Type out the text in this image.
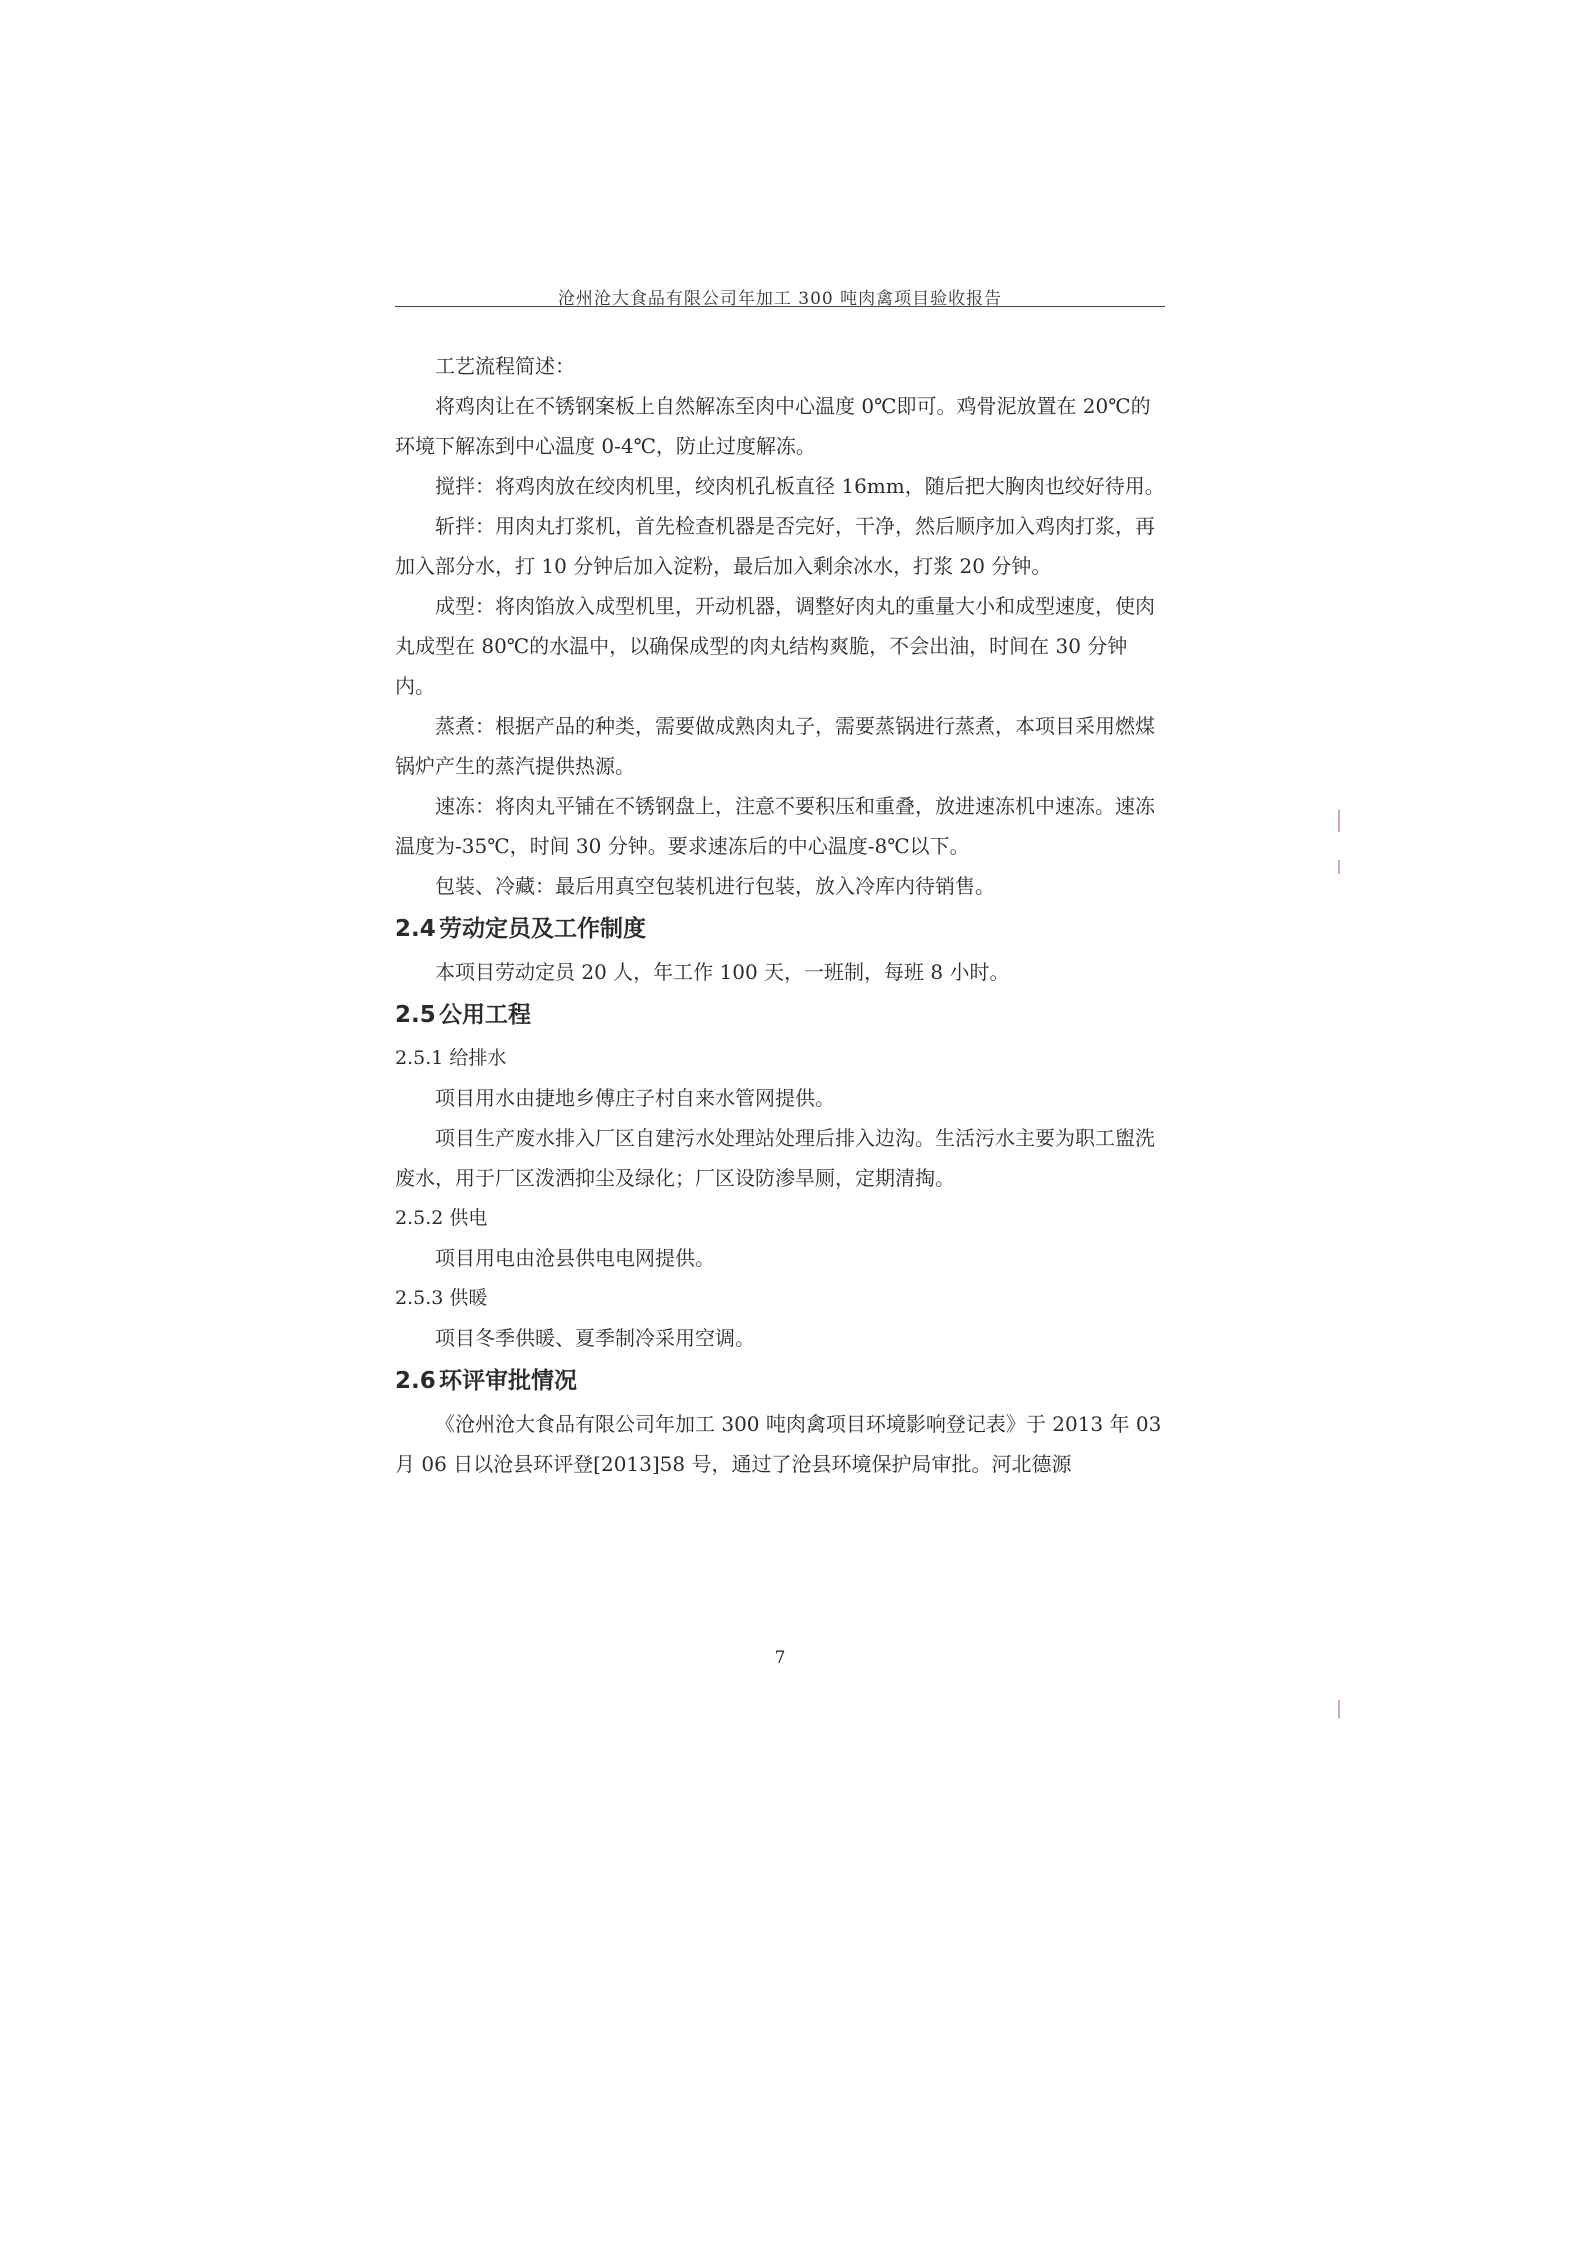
沧州沧大食品有限公司年加工 300 吨肉禽项目验收报告

工艺流程简述：

将鸡肉让在不锈钢案板上自然解冻至肉中心温度 0℃即可。鸡骨泥放置在 20℃的环境下解冻到中心温度 0-4℃，防止过度解冻。

搅拌：将鸡肉放在绞肉机里，绞肉机孔板直径 16mm，随后把大胸肉也绞好待用。

斩拌：用肉丸打浆机，首先检查机器是否完好，干净，然后顺序加入鸡肉打浆，再加入部分水，打 10 分钟后加入淀粉，最后加入剩余冰水，打浆 20 分钟。

成型：将肉馅放入成型机里，开动机器，调整好肉丸的重量大小和成型速度，使肉丸成型在 80℃的水温中，以确保成型的肉丸结构爽脆，不会出油，时间在 30 分钟内。

蒸煮：根据产品的种类，需要做成熟肉丸子，需要蒸锅进行蒸煮，本项目采用燃煤锅炉产生的蒸汽提供热源。

速冻：将肉丸平铺在不锈钢盘上，注意不要积压和重叠，放进速冻机中速冻。速冻温度为-35℃，时间 30 分钟。要求速冻后的中心温度-8℃以下。

包装、冷藏：最后用真空包装机进行包装，放入冷库内待销售。

2.4 劳动定员及工作制度

本项目劳动定员 20 人，年工作 100 天，一班制，每班 8 小时。

2.5 公用工程

2.5.1 给排水

项目用水由捷地乡傅庄子村自来水管网提供。

项目生产废水排入厂区自建污水处理站处理后排入边沟。生活污水主要为职工盥洗废水，用于厂区泼洒抑尘及绿化；厂区设防渗旱厕，定期清掏。

2.5.2 供电

项目用电由沧县供电电网提供。

2.5.3 供暖

项目冬季供暖、夏季制冷采用空调。

2.6 环评审批情况

《沧州沧大食品有限公司年加工 300 吨肉禽项目环境影响登记表》于 2013 年 03 月 06 日以沧县环评登[2013]58 号，通过了沧县环境保护局审批。河北德源

7
